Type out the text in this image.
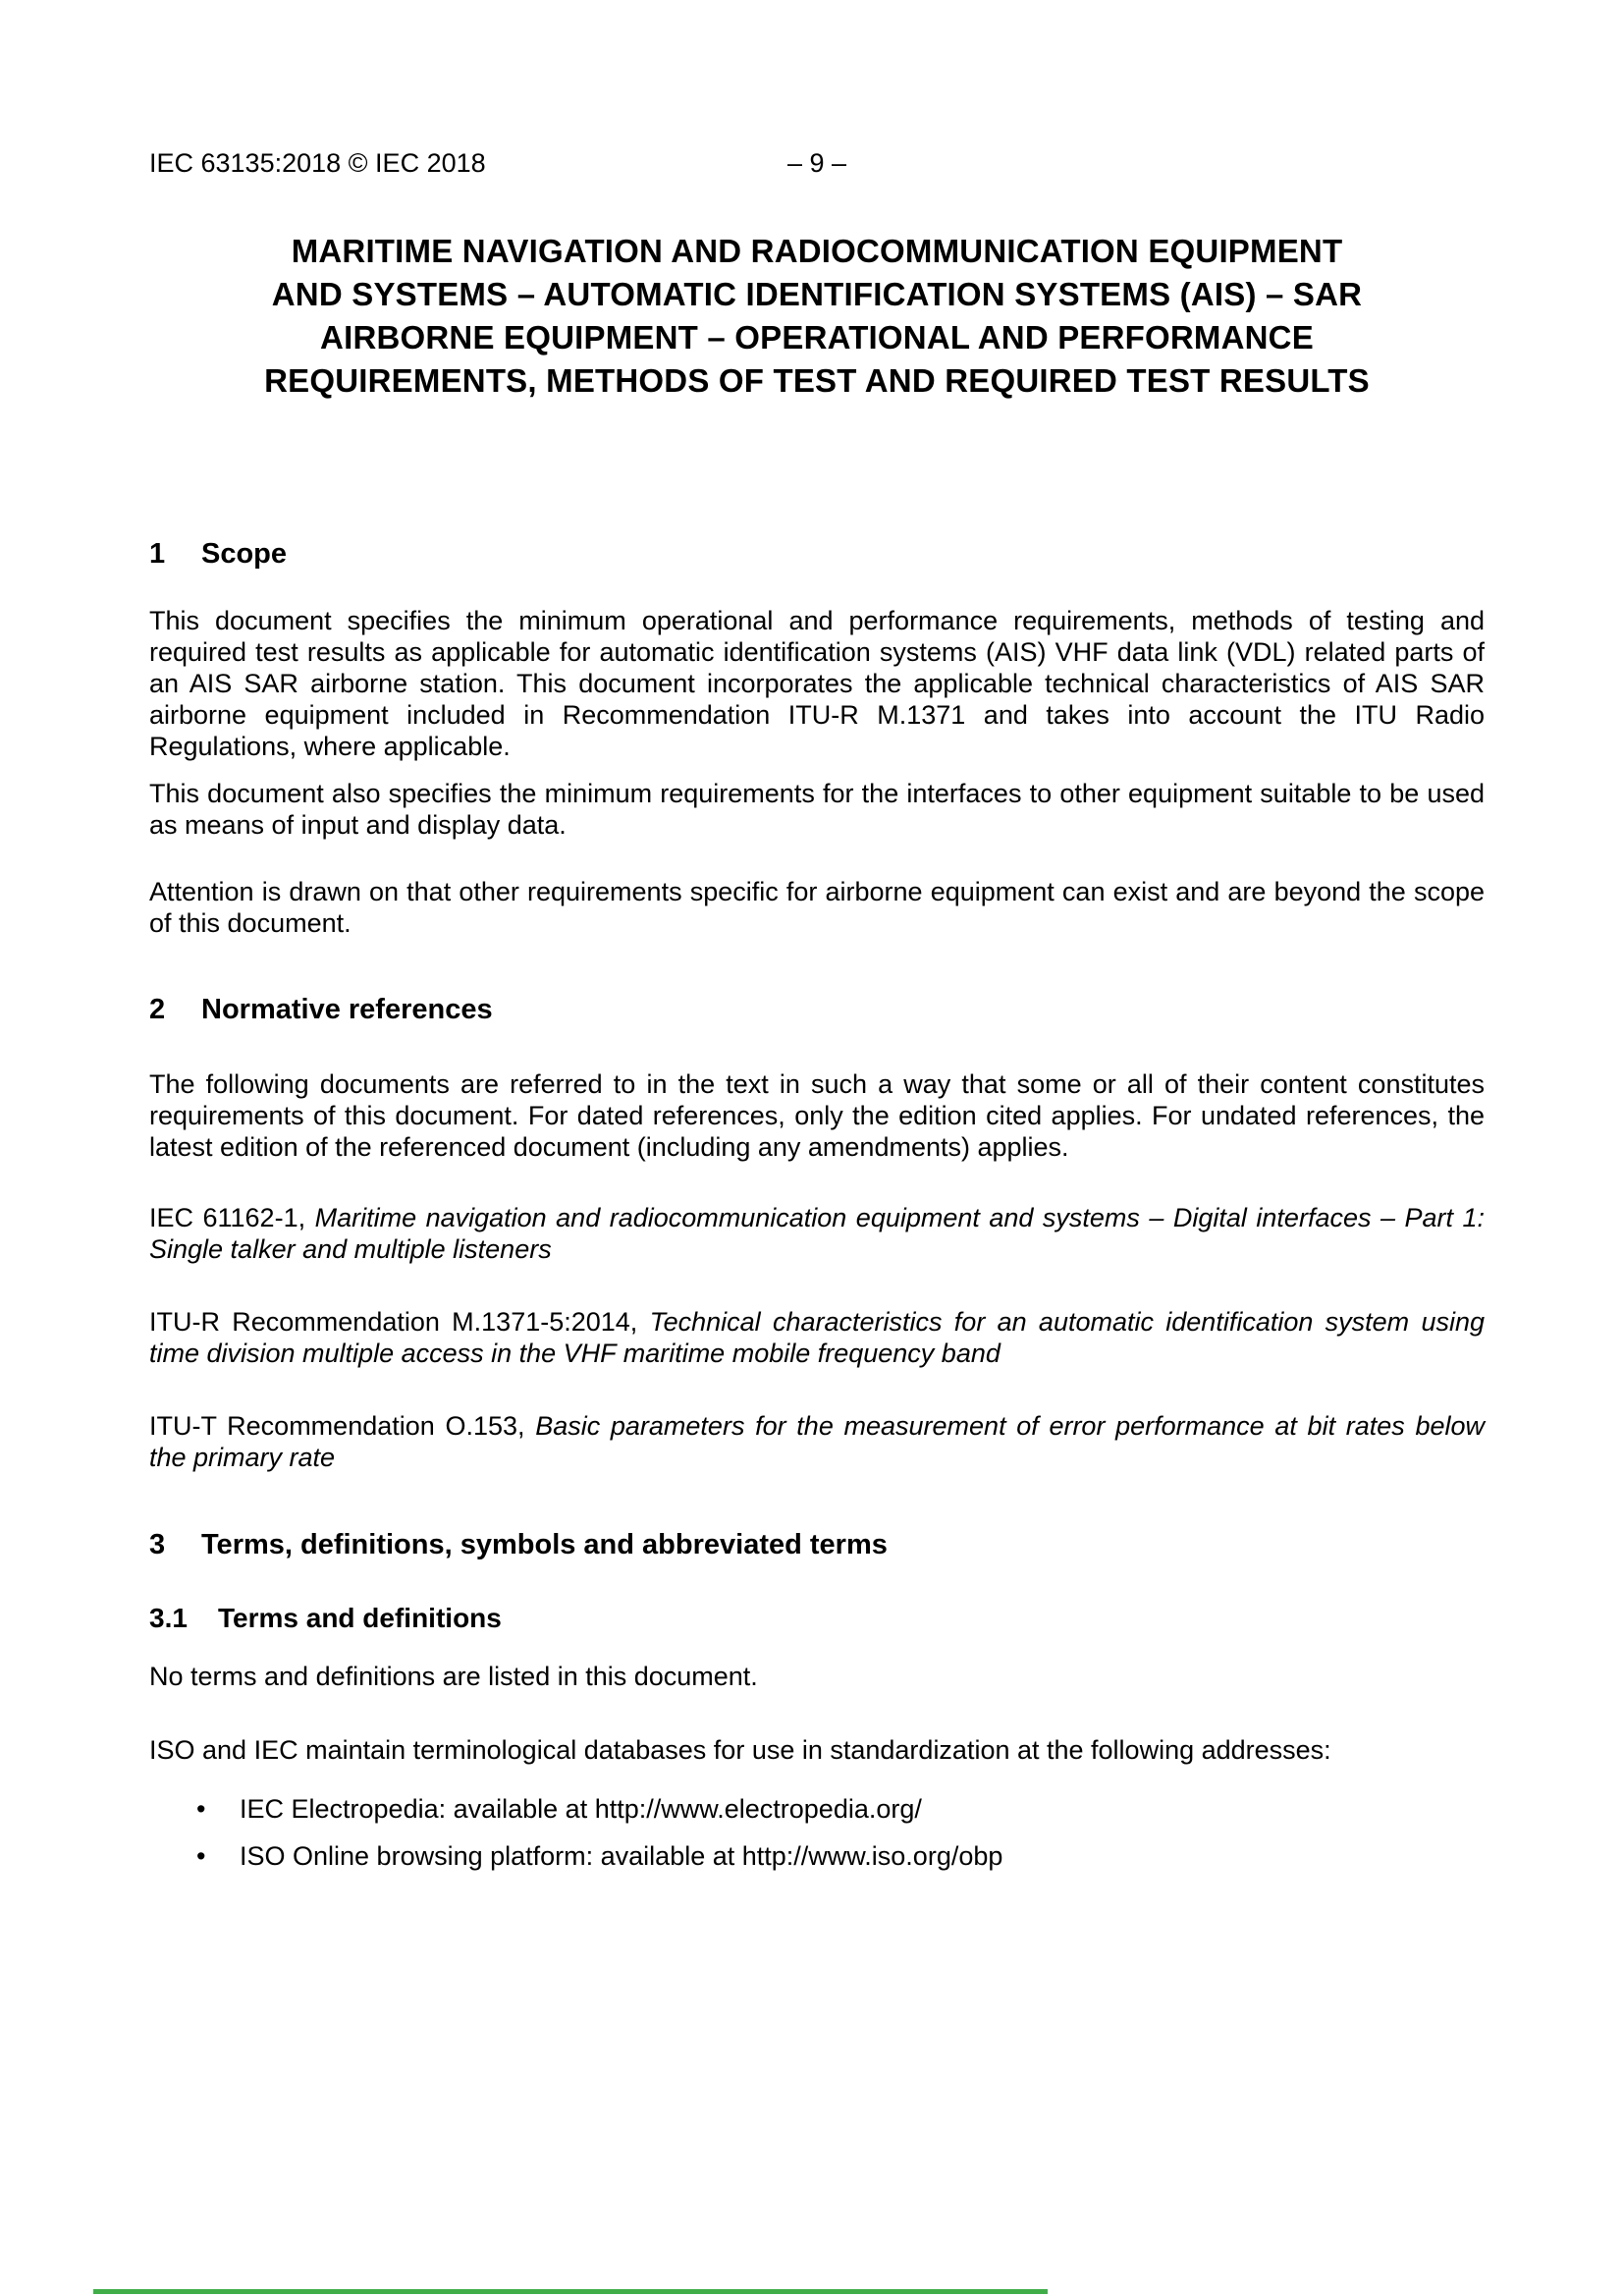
IEC 63135:2018 © IEC 2018	– 9 –
MARITIME NAVIGATION AND RADIOCOMMUNICATION EQUIPMENT
AND SYSTEMS – AUTOMATIC IDENTIFICATION SYSTEMS (AIS) – SAR
AIRBORNE EQUIPMENT – OPERATIONAL AND PERFORMANCE
REQUIREMENTS, METHODS OF TEST AND REQUIRED TEST RESULTS
1 Scope

This document specifies the minimum operational and performance requirements, methods of testing and required test results as applicable for automatic identification systems (AIS) VHF data link (VDL) related parts of an AIS SAR airborne station. This document incorporates the applicable technical characteristics of AIS SAR airborne equipment included in Recommendation ITU-R M.1371 and takes into account the ITU Radio Regulations, where applicable.

This document also specifies the minimum requirements for the interfaces to other equipment suitable to be used as means of input and display data.

Attention is drawn on that other requirements specific for airborne equipment can exist and are beyond the scope of this document.

2 Normative references

The following documents are referred to in the text in such a way that some or all of their content constitutes requirements of this document. For dated references, only the edition cited applies. For undated references, the latest edition of the referenced document (including any amendments) applies.

IEC 61162-1, Maritime navigation and radiocommunication equipment and systems – Digital interfaces – Part 1: Single talker and multiple listeners

ITU-R Recommendation M.1371-5:2014, Technical characteristics for an automatic identification system using time division multiple access in the VHF maritime mobile frequency band

ITU-T Recommendation O.153, Basic parameters for the measurement of error performance at bit rates below the primary rate

3 Terms, definitions, symbols and abbreviated terms
3.1 Terms and definitions

No terms and definitions are listed in this document.

ISO and IEC maintain terminological databases for use in standardization at the following addresses:

•	IEC Electropedia: available at http://www.electropedia.org/
•	ISO Online browsing platform: available at http://www.iso.org/obp
